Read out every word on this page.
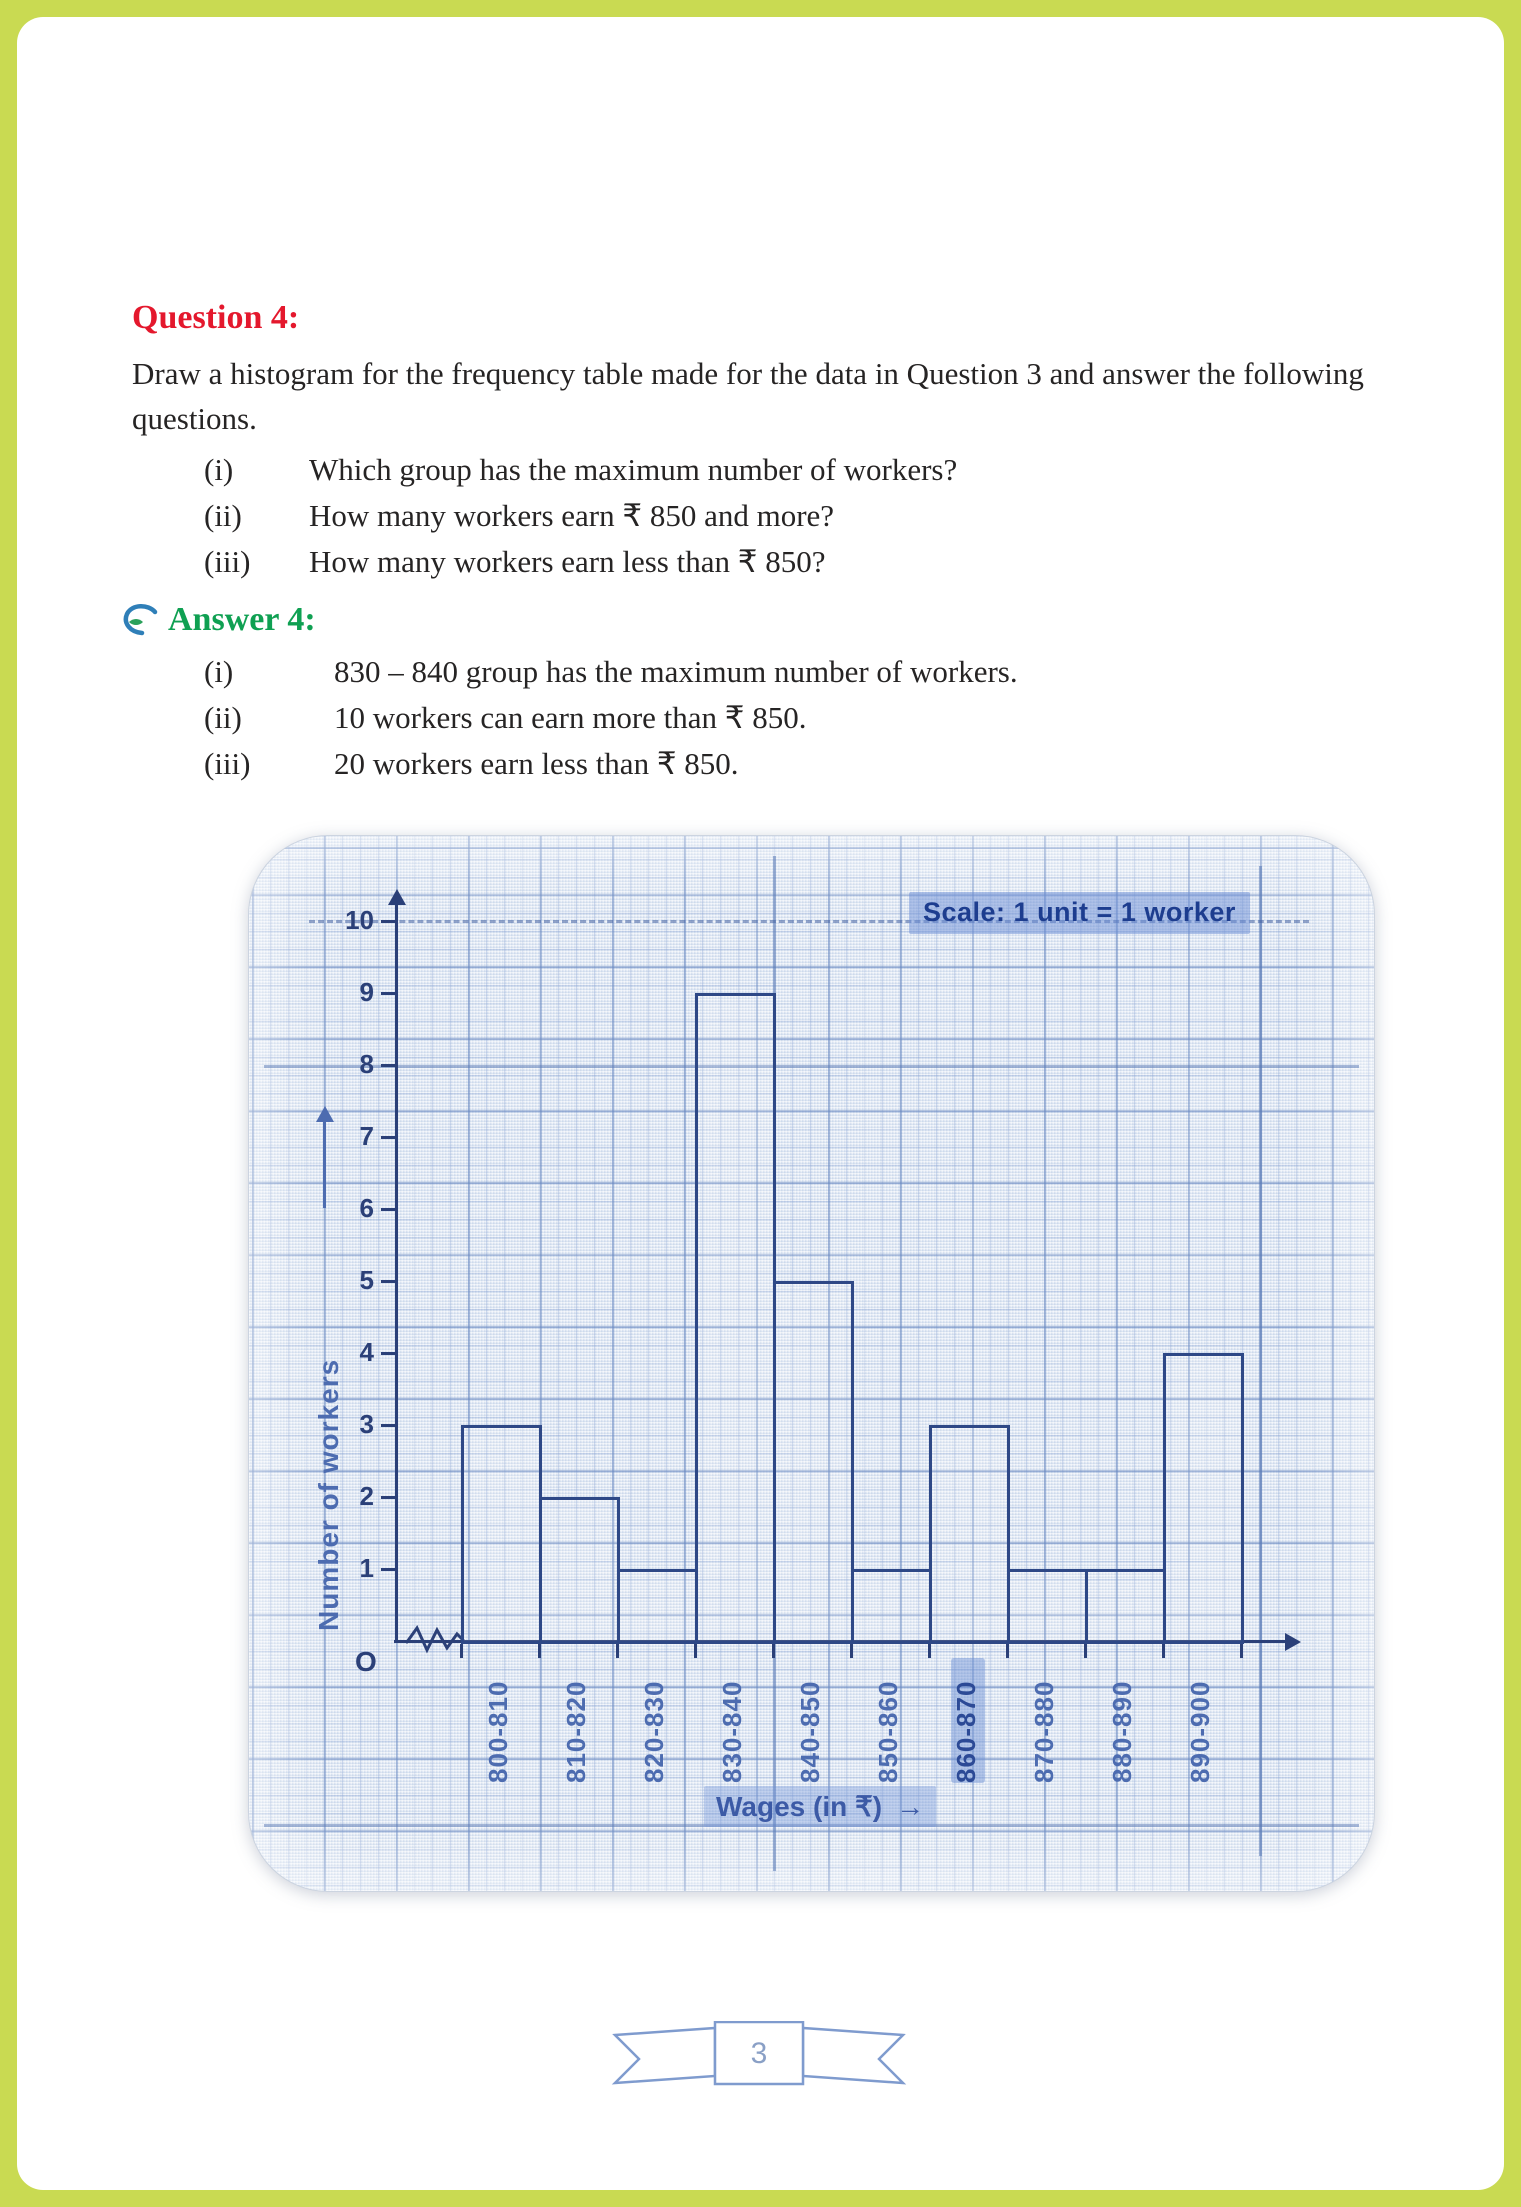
Question 4:

Draw a histogram for the frequency table made for the data in Question 3 and answer the following questions.

(i)	Which group has the maximum number of workers?
(ii)	How many workers earn ₹ 850 and more?
(iii)	How many workers earn less than ₹ 850?
Answer 4:
(i)	830 – 840 group has the maximum number of workers.
(ii)	10 workers can earn more than ₹ 850.
(iii)	20 workers earn less than ₹ 850.
Scale: 1 unit = 1 worker
Number of workers
Wages (in ₹) →
O
1
2
3
4
5
6
7
8
9
10
800-810 810-820 820-830 830-840 840-850 850-860 860-870 870-880 880-890 890-900
3
